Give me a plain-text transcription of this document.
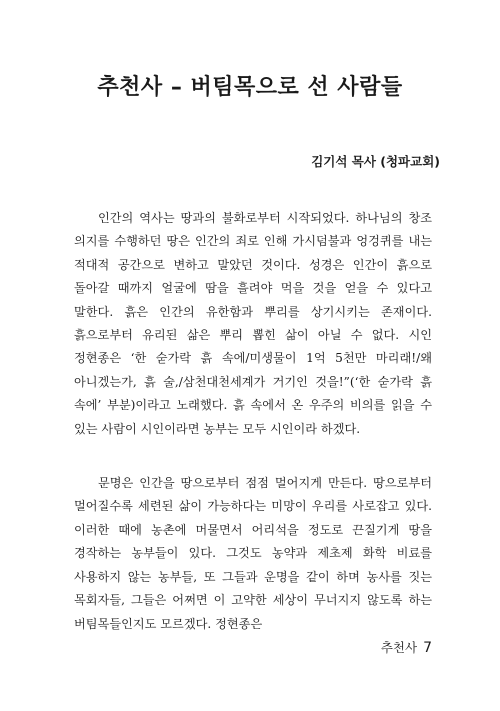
추천사 – 버팀목으로 선 사람들

김기석 목사 (청파교회)

인간의 역사는 땅과의 불화로부터 시작되었다. 하나님의 창조 의지를 수행하던 땅은 인간의 죄로 인해 가시덤불과 엉겅퀴를 내는 적대적 공간으로 변하고 말았던 것이다. 성경은 인간이 흙으로 돌아갈 때까지 얼굴에 땀을 흘려야 먹을 것을 얻을 수 있다고 말한다. 흙은 인간의 유한함과 뿌리를 상기시키는 존재이다. 흙으로부터 유리된 삶은 뿌리 뽑힌 삶이 아닐 수 없다. 시인 정현종은 ‘한 숟가락 흙 속에/미생물이 1억 5천만 마리래!/왜 아니겠는가, 흙 술,/삼천대천세계가 거기인 것을!”(‘한 숟가락 흙 속에’ 부분)이라고 노래했다. 흙 속에서 온 우주의 비의를 읽을 수 있는 사람이 시인이라면 농부는 모두 시인이라 하겠다.

문명은 인간을 땅으로부터 점점 멀어지게 만든다. 땅으로부터 멀어질수록 세련된 삶이 가능하다는 미망이 우리를 사로잡고 있다. 이러한 때에 농촌에 머물면서 어리석을 정도로 끈질기게 땅을 경작하는 농부들이 있다. 그것도 농약과 제초제 화학 비료를 사용하지 않는 농부들, 또 그들과 운명을 같이 하며 농사를 짓는 목회자들, 그들은 어쩌면 이 고약한 세상이 무너지지 않도록 하는 버팀목들인지도 모르겠다. 정현종은

추천사 7
